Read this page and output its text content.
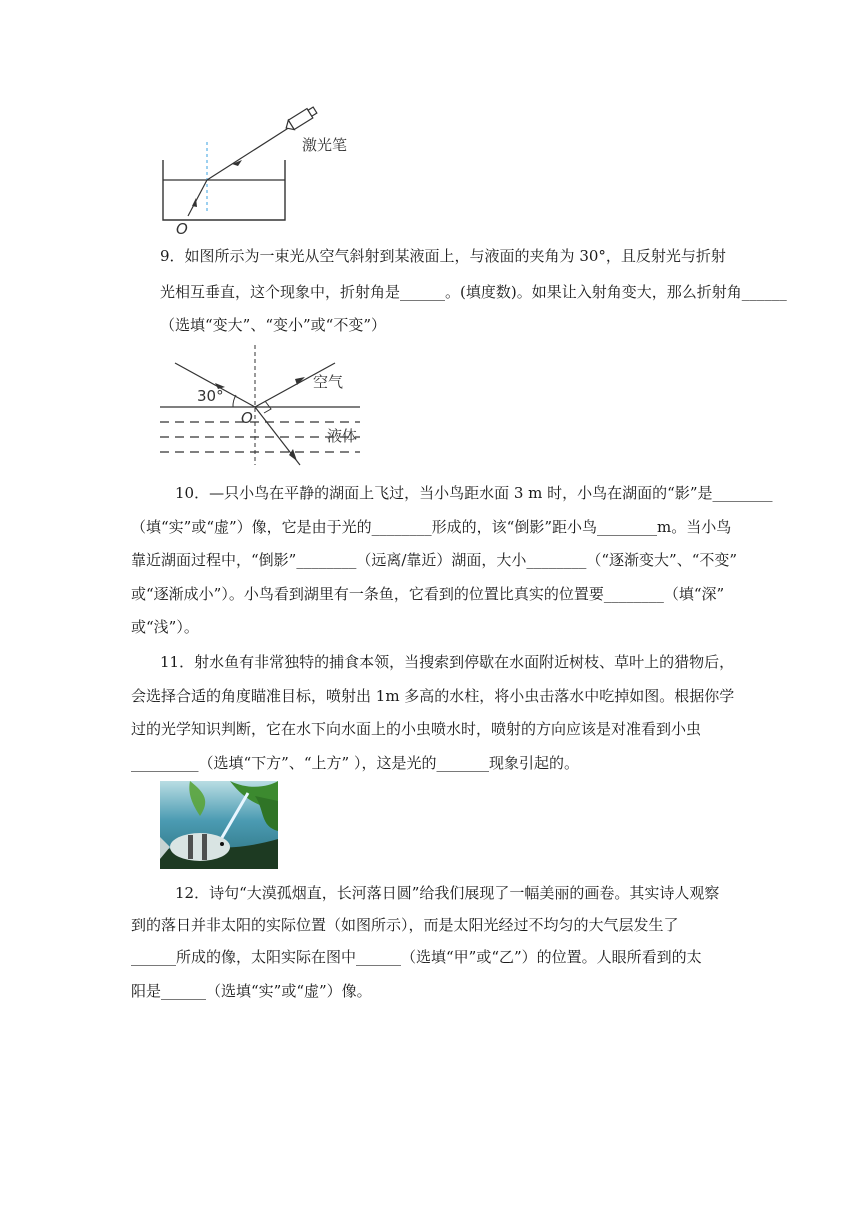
激光笔
O
9．如图所示为一束光从空气斜射到某液面上，与液面的夹角为 30°，且反射光与折射
光相互垂直，这个现象中，折射角是______。(填度数)。如果让入射角变大，那么折射角______
（选填“变大”、“变小”或“不变”）
30°
O
空气
液体
10．—只小鸟在平静的湖面上飞过，当小鸟距水面 3 m 时，小鸟在湖面的“影”是________
（填“实”或“虚”）像，它是由于光的________形成的，该“倒影”距小鸟________m。当小鸟
靠近湖面过程中，“倒影”________（远离/靠近）湖面，大小________（“逐渐变大”、“不变”
或“逐渐成小”）。小鸟看到湖里有一条鱼，它看到的位置比真实的位置要________（填“深”
或“浅”）。
11．射水鱼有非常独特的捕食本领，当搜索到停歇在水面附近树枝、草叶上的猎物后，
会选择合适的角度瞄准目标，喷射出 1m 多高的水柱，将小虫击落水中吃掉如图。根据你学
过的光学知识判断，它在水下向水面上的小虫喷水时，喷射的方向应该是对准看到小虫
_________（选填“下方”、“上方” ），这是光的_______现象引起的。
12．诗句“大漠孤烟直，长河落日圆”给我们展现了一幅美丽的画卷。其实诗人观察
到的落日并非太阳的实际位置（如图所示），而是太阳光经过不均匀的大气层发生了
______所成的像，太阳实际在图中______（选填“甲”或“乙”）的位置。人眼所看到的太
阳是______（选填“实”或“虚”）像。
